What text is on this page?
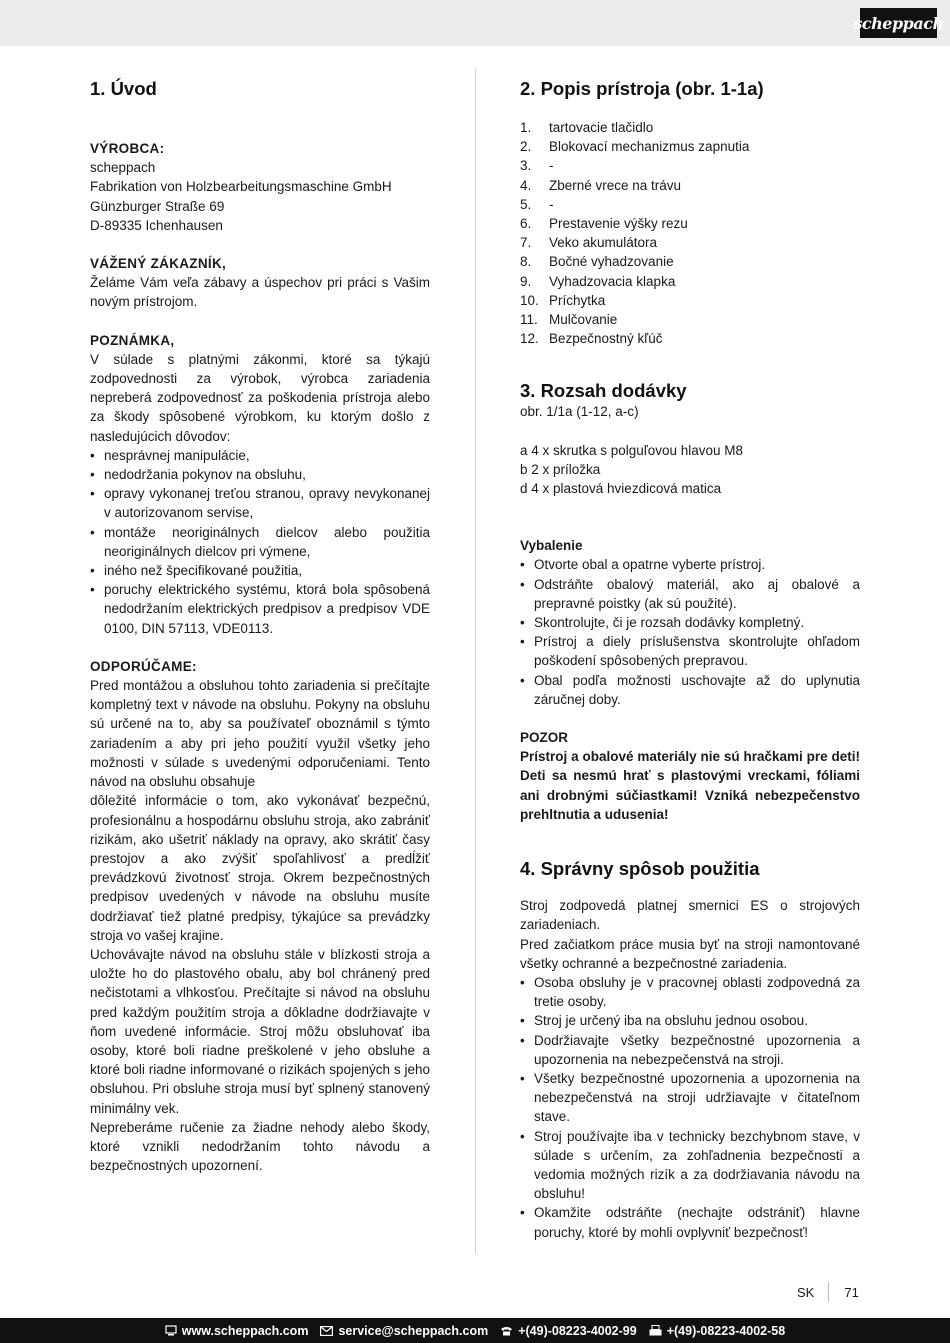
scheppach
1. Úvod
VÝROBCA:
scheppach
Fabrikation von Holzbearbeitungsmaschine GmbH
Günzburger Straße 69
D-89335 Ichenhausen
VÁŽENÝ ZÁKAZNÍK,

Želáme Vám veľa zábavy a úspechov pri práci s Vašim novým prístrojom.

POZNÁMKA,

V súlade s platnými zákonmi, ktoré sa týkajú zodpovednosti za výrobok, výrobca zariadenia nepreberá zodpovednosť za poškodenia prístroja alebo za škody spôsobené výrobkom, ku ktorým došlo z nasledujúcich dôvodov:

• nesprávnej manipulácie,
• nedodržania pokynov na obsluhu,
• opravy vykonanej treťou stranou, opravy nevykonanej v autorizovanom servise,
• montáže neoriginálnych dielcov alebo použitia neoriginálnych dielcov pri výmene,
• iného než špecifikované použitia,
• poruchy elektrického systému, ktorá bola spôsobená nedodržaním elektrických predpisov a predpisov VDE 0100, DIN 57113, VDE0113.
ODPORÚČAME:

Pred montážou a obsluhou tohto zariadenia si prečítajte kompletný text v návode na obsluhu. Pokyny na obsluhu sú určené na to, aby sa používateľ oboznámil s týmto zariadením a aby pri jeho použití využil všetky jeho možnosti v súlade s uvedenými odporučeniami. Tento návod na obsluhu obsahuje

dôležité informácie o tom, ako vykonávať bezpečnú, profesionálnu a hospodárnu obsluhu stroja, ako zabrániť rizikám, ako ušetriť náklady na opravy, ako skrátiť časy prestojov a ako zvýšiť spoľahlivosť a predĺžiť prevádzkovú životnosť stroja. Okrem bezpečnostných predpisov uvedených v návode na obsluhu musíte dodržiavať tiež platné predpisy, týkajúce sa prevádzky stroja vo vašej krajine.

Uchovávajte návod na obsluhu stále v blízkosti stroja a uložte ho do plastového obalu, aby bol chránený pred nečistotami a vlhkosťou. Prečítajte si návod na obsluhu pred každým použitím stroja a dôkladne dodržiavajte v ňom uvedené informácie. Stroj môžu obsluhovať iba osoby, ktoré boli riadne preškolené v jeho obsluhe a ktoré boli riadne informované o rizikách spojených s jeho obsluhou. Pri obsluhe stroja musí byť splnený stanovený minimálny vek.

Nepreberáme ručenie za žiadne nehody alebo škody, ktoré vznikli nedodržaním tohto návodu a bezpečnostných upozornení.

2. Popis prístroja (obr. 1-1a)
1.	tartovacie tlačidlo
2.	Blokovací mechanizmus zapnutia
3.	-
4.	Zberné vrece na trávu
5.	-
6.	Prestavenie výšky rezu
7.	Veko akumulátora
8.	Bočné vyhadzovanie
9.	Vyhadzovacia klapka
10. Príchytka
11. Mulčovanie
12. Bezpečnostný kľúč
3. Rozsah dodávky
obr. 1/1a (1-12, a-c)
a 4 x skrutka s polguľovou hlavou M8
b 2 x príložka
d 4 x plastová hviezdicová matica
Vybalenie
• Otvorte obal a opatrne vyberte prístroj.
• Odstráňte obalový materiál, ako aj obalové a prepravné poistky (ak sú použité).
• Skontrolujte, či je rozsah dodávky kompletný.
• Prístroj a diely príslušenstva skontrolujte ohľadom poškodení spôsobených prepravou.
• Obal podľa možnosti uschovajte až do uplynutia záručnej doby.
POZOR

Prístroj a obalové materiály nie sú hračkami pre deti! Deti sa nesmú hrať s plastovými vreckami, fóliami ani drobnými súčiastkami! Vzniká nebezpečenstvo prehltnutia a udusenia!

4. Správny spôsob použitia

Stroj zodpovedá platnej smernici ES o strojových zariadeniach.

Pred začiatkom práce musia byť na stroji namontované všetky ochranné a bezpečnostné zariadenia.

• Osoba obsluhy je v pracovnej oblasti zodpovedná za tretie osoby.
• Stroj je určený iba na obsluhu jednou osobou.
• Dodržiavajte všetky bezpečnostné upozornenia a upozornenia na nebezpečenstvá na stroji.
• Všetky bezpečnostné upozornenia a upozornenia na nebezpečenstvá na stroji udržiavajte v čitateľnom stave.
• Stroj používajte iba v technicky bezchybnom stave, v súlade s určením, za zohľadnenia bezpečnosti a vedomia možných rizík a za dodržiavania návodu na obsluhu!
• Okamžite odstráňte (nechajte odstrániť) hlavne poruchy, ktoré by mohli ovplyvniť bezpečnosť!
SK 71
www.scheppach.com service@scheppach.com +(49)-08223-4002-99 +(49)-08223-4002-58
